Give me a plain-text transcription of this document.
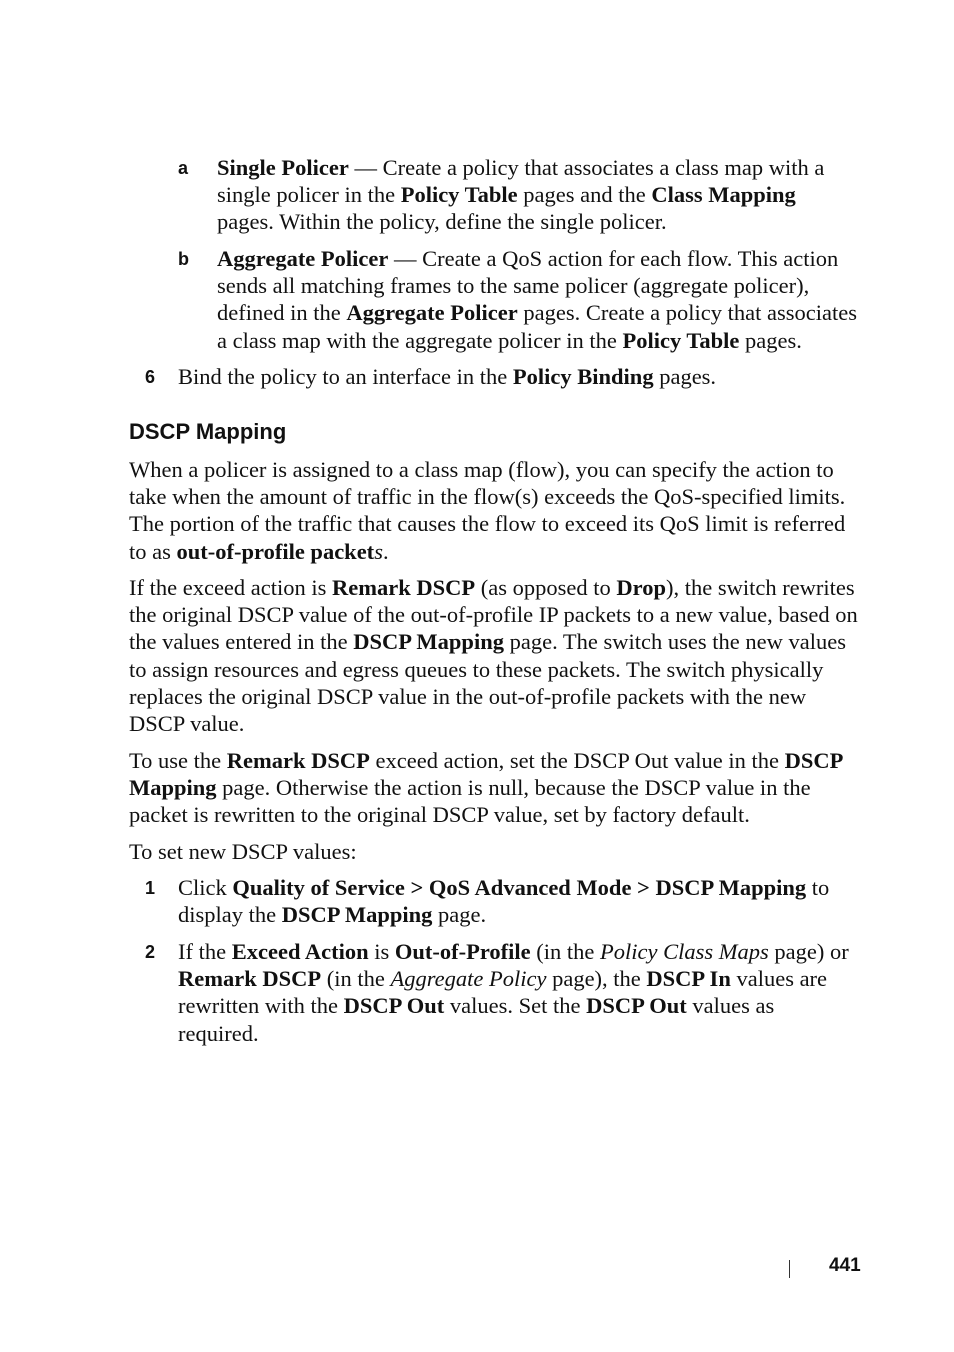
a Single Policer — Create a policy that associates a class map with a single policer in the Policy Table pages and the Class Mapping pages. Within the policy, define the single policer.

b Aggregate Policer — Create a QoS action for each flow. This action sends all matching frames to the same policer (aggregate policer), defined in the Aggregate Policer pages. Create a policy that associates a class map with the aggregate policer in the Policy Table pages.

6 Bind the policy to an interface in the Policy Binding pages.

DSCP Mapping

When a policer is assigned to a class map (flow), you can specify the action to take when the amount of traffic in the flow(s) exceeds the QoS-specified limits. The portion of the traffic that causes the flow to exceed its QoS limit is referred to as out-of-profile packets.

If the exceed action is Remark DSCP (as opposed to Drop), the switch rewrites the original DSCP value of the out-of-profile IP packets to a new value, based on the values entered in the DSCP Mapping page. The switch uses the new values to assign resources and egress queues to these packets. The switch physically replaces the original DSCP value in the out-of-profile packets with the new DSCP value.

To use the Remark DSCP exceed action, set the DSCP Out value in the DSCP Mapping page. Otherwise the action is null, because the DSCP value in the packet is rewritten to the original DSCP value, set by factory default.

To set new DSCP values:

1 Click Quality of Service > QoS Advanced Mode > DSCP Mapping to display the DSCP Mapping page.

2 If the Exceed Action is Out-of-Profile (in the Policy Class Maps page) or Remark DSCP (in the Aggregate Policy page), the DSCP In values are rewritten with the DSCP Out values. Set the DSCP Out values as required.

441
